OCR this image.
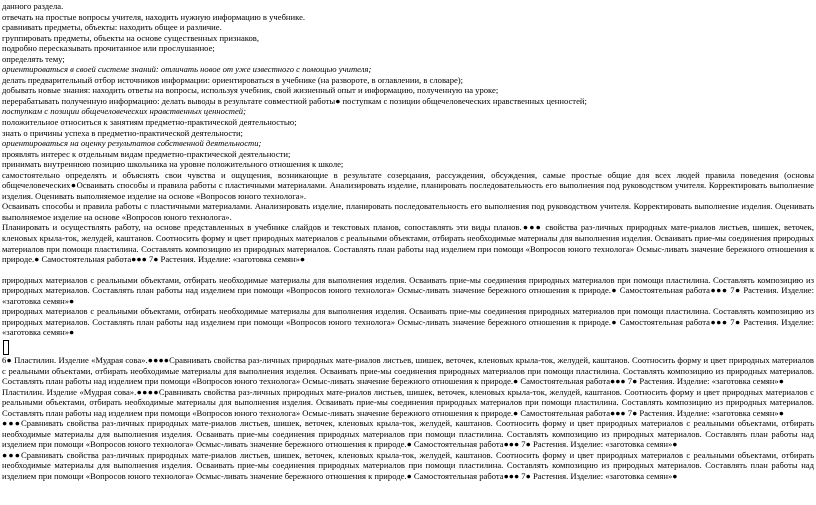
данного раздела.
отвечать на простые вопросы учителя, находить нужную информацию в учебнике.
сравнивать предметы, объекты: находить общее и различие.
группировать предметы, объекты на основе существенных признаков,
подробно пересказывать прочитанное или прослушанное;
определять тему;
ориентироваться в своей системе знаний: отличать новое от уже известного с помощью учителя;
делать предварительный отбор источников информации: ориентироваться в учебнике (на развороте, в оглавлении, в словаре);
добывать новые знания: находить ответы на вопросы, используя учебник, свой жизненный опыт и информацию, полученную на уроке;
перерабатывать полученную информацию: делать выводы в результате совместной работы● поступкам с позиции общечеловеческих нравственных ценностей;
поступкам с позиции общечеловеческих нравственных ценностей;
положительное относиться к занятиям предметно-практической деятельностью;
знать о причины успеха в предметно-практической деятельности;
ориентироваться на оценку результатов собственной деятельности;
проявлять интерес к отдельным видам предметно-практической деятельности;
принимать внутреннюю позицию школьника на уровне положительного отношения к школе;
самостоятельно определять и объяснять свои чувства и ощущения, возникающие в результате созерцания, рассуждения, обсуждения, самые простые общие для всех людей правила поведения (основы общечеловеческих●Осваивать способы и правила работы с пластичными материалами. Анализировать изделие, планировать последовательность его выполнения под руководством учителя. Корректировать выполнение изделия. Оценивать выполняемое изделие на основе «Вопросов юного технолога».
Осваивать способы и правила работы с пластичными материалами. Анализировать изделие, планировать последовательность его выполнения под руководством учителя. Корректировать выполнение изделия. Оценивать выполняемое изделие на основе «Вопросов юного технолога».
Планировать и осуществлять работу, на основе представленных в учебнике слайдов и текстовых планов, сопоставлять эти виды планов.●●● свойства раз-личных природных мате-риалов листьев, шишек, веточек, кленовых крыла-ток, желудей, каштанов. Соотносить форму и цвет природных материалов с реальными объектами, отбирать необходимые материалы для выполнения изделия. Осваивать прие-мы соединения природных материалов при помощи пластилина. Составлять композицию из природных материалов. Составлять план работы над изделием при помощи «Вопросов юного технолога» Осмыс-ливать значение бережного отношения к природе.● Самостоятельная работа●●● 7● Растения. Изделие: «заготовка семян»●
природных материалов с реальными объектами, отбирать необходимые материалы для выполнения изделия. Осваивать прие-мы соединения природных материалов при помощи пластилина. Составлять композицию из природных материалов. Составлять план работы над изделием при помощи «Вопросов юного технолога» Осмыс-ливать значение бережного отношения к природе.● Самостоятельная работа●●● 7● Растения. Изделие: «заготовка семян»●
природных материалов с реальными объектами, отбирать необходимые материалы для выполнения изделия. Осваивать прие-мы соединения природных материалов при помощи пластилина. Составлять композицию из природных материалов. Составлять план работы над изделием при помощи «Вопросов юного технолога» Осмыс-ливать значение бережного отношения к природе.● Самостоятельная работа●●● 7● Растения. Изделие: «заготовка семян»●
6● Пластилин. Изделие «Мудрая сова».●●●●Сравнивать свойства раз-личных природных мате-риалов листьев, шишек, веточек, кленовых крыла-ток, желудей, каштанов. Соотносить форму и цвет природных материалов с реальными объектами, отбирать необходимые материалы для выполнения изделия. Осваивать прие-мы соединения природных материалов при помощи пластилина. Составлять композицию из природных материалов. Составлять план работы над изделием при помощи «Вопросов юного технолога» Осмыс-ливать значение бережного отношения к природе.● Самостоятельная работа●●● 7● Растения. Изделие: «заготовка семян»●
Пластилин. Изделие «Мудрая сова».●●●●Сравнивать свойства раз-личных природных мате-риалов листьев, шишек, веточек, кленовых крыла-ток, желудей, каштанов. Соотносить форму и цвет природных материалов с реальными объектами, отбирать необходимые материалы для выполнения изделия. Осваивать прие-мы соединения природных материалов при помощи пластилина. Составлять композицию из природных материалов. Составлять план работы над изделием при помощи «Вопросов юного технолога» Осмыс-ливать значение бережного отношения к природе.● Самостоятельная работа●●● 7● Растения. Изделие: «заготовка семян»●
●●●Сравнивать свойства раз-личных природных мате-риалов листьев, шишек, веточек, кленовых крыла-ток, желудей, каштанов. Соотносить форму и цвет природных материалов с реальными объектами, отбирать необходимые материалы для выполнения изделия. Осваивать прие-мы соединения природных материалов при помощи пластилина. Составлять композицию из природных материалов. Составлять план работы над изделием при помощи «Вопросов юного технолога» Осмыс-ливать значение бережного отношения к природе.● Самостоятельная работа●●● 7● Растения. Изделие: «заготовка семян»●
●●●Сравнивать свойства раз-личных природных мате-риалов листьев, шишек, веточек, кленовых крыла-ток, желудей, каштанов. Соотносить форму и цвет природных материалов с реальными объектами, отбирать необходимые материалы для выполнения изделия. Осваивать прие-мы соединения природных материалов при помощи пластилина. Составлять композицию из природных материалов. Составлять план работы над изделием при помощи «Вопросов юного технолога» Осмыс-ливать значение бережного отношения к природе.● Самостоятельная работа●●● 7● Растения. Изделие: «заготовка семян»●
